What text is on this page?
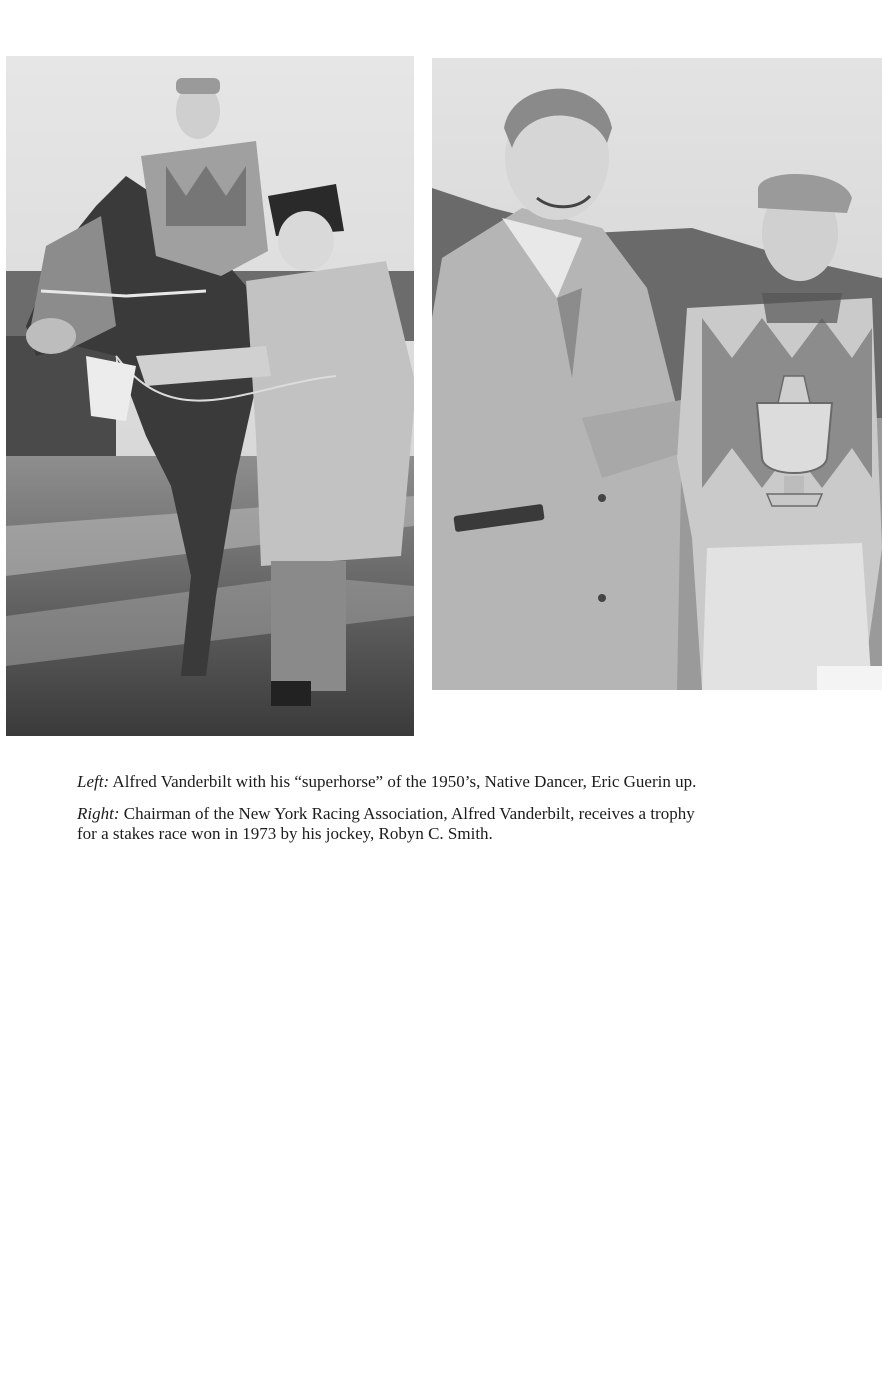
Left: Alfred Vanderbilt with his “superhorse” of the 1950’s, Native Dancer, Eric Guerin up.

Right: Chairman of the New York Racing Association, Alfred Vanderbilt, receives a trophy
for a stakes race won in 1973 by his jockey, Robyn C. Smith.
